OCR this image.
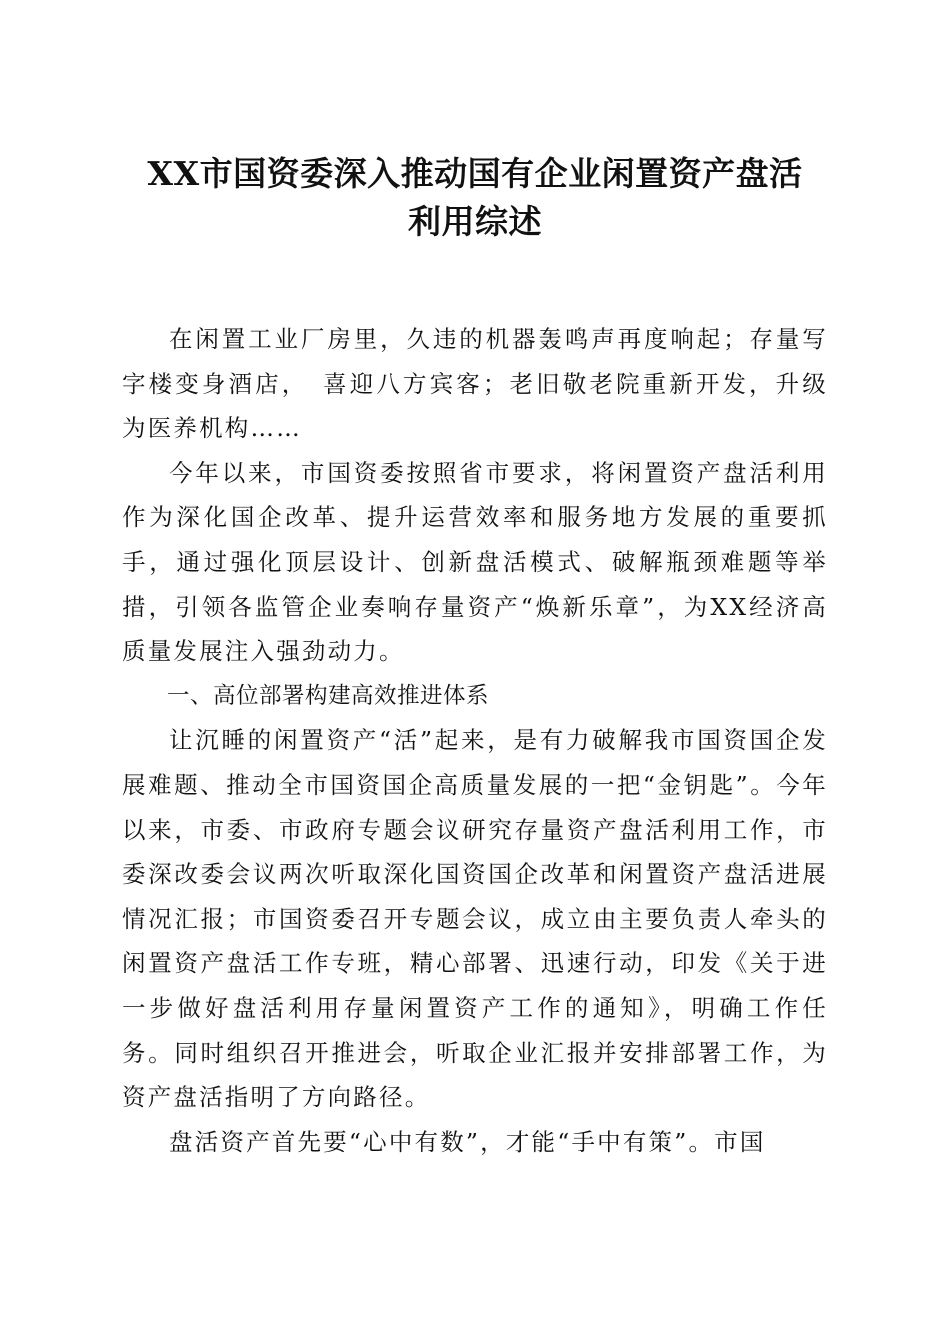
XX市国资委深入推动国有企业闲置资产盘活
利用综述

在闲置工业厂房里，久违的机器轰鸣声再度响起；存量写字楼变身酒店，　喜迎八方宾客；老旧敬老院重新开发，升级为医养机构……

今年以来，市国资委按照省市要求，将闲置资产盘活利用作为深化国企改革、提升运营效率和服务地方发展的重要抓手，通过强化顶层设计、创新盘活模式、破解瓶颈难题等举措，引领各监管企业奏响存量资产“焕新乐章”，为XX经济高质量发展注入强劲动力。

一、高位部署构建高效推进体系

让沉睡的闲置资产“活”起来，是有力破解我市国资国企发展难题、推动全市国资国企高质量发展的一把“金钥匙”。今年以来，市委、市政府专题会议研究存量资产盘活利用工作，市委深改委会议两次听取深化国资国企改革和闲置资产盘活进展情况汇报；市国资委召开专题会议，成立由主要负责人牵头的闲置资产盘活工作专班，精心部署、迅速行动，印发《关于进一步做好盘活利用存量闲置资产工作的通知》，明确工作任务。同时组织召开推进会，听取企业汇报并安排部署工作，为资产盘活指明了方向路径。

盘活资产首先要“心中有数”，才能“手中有策”。市国
